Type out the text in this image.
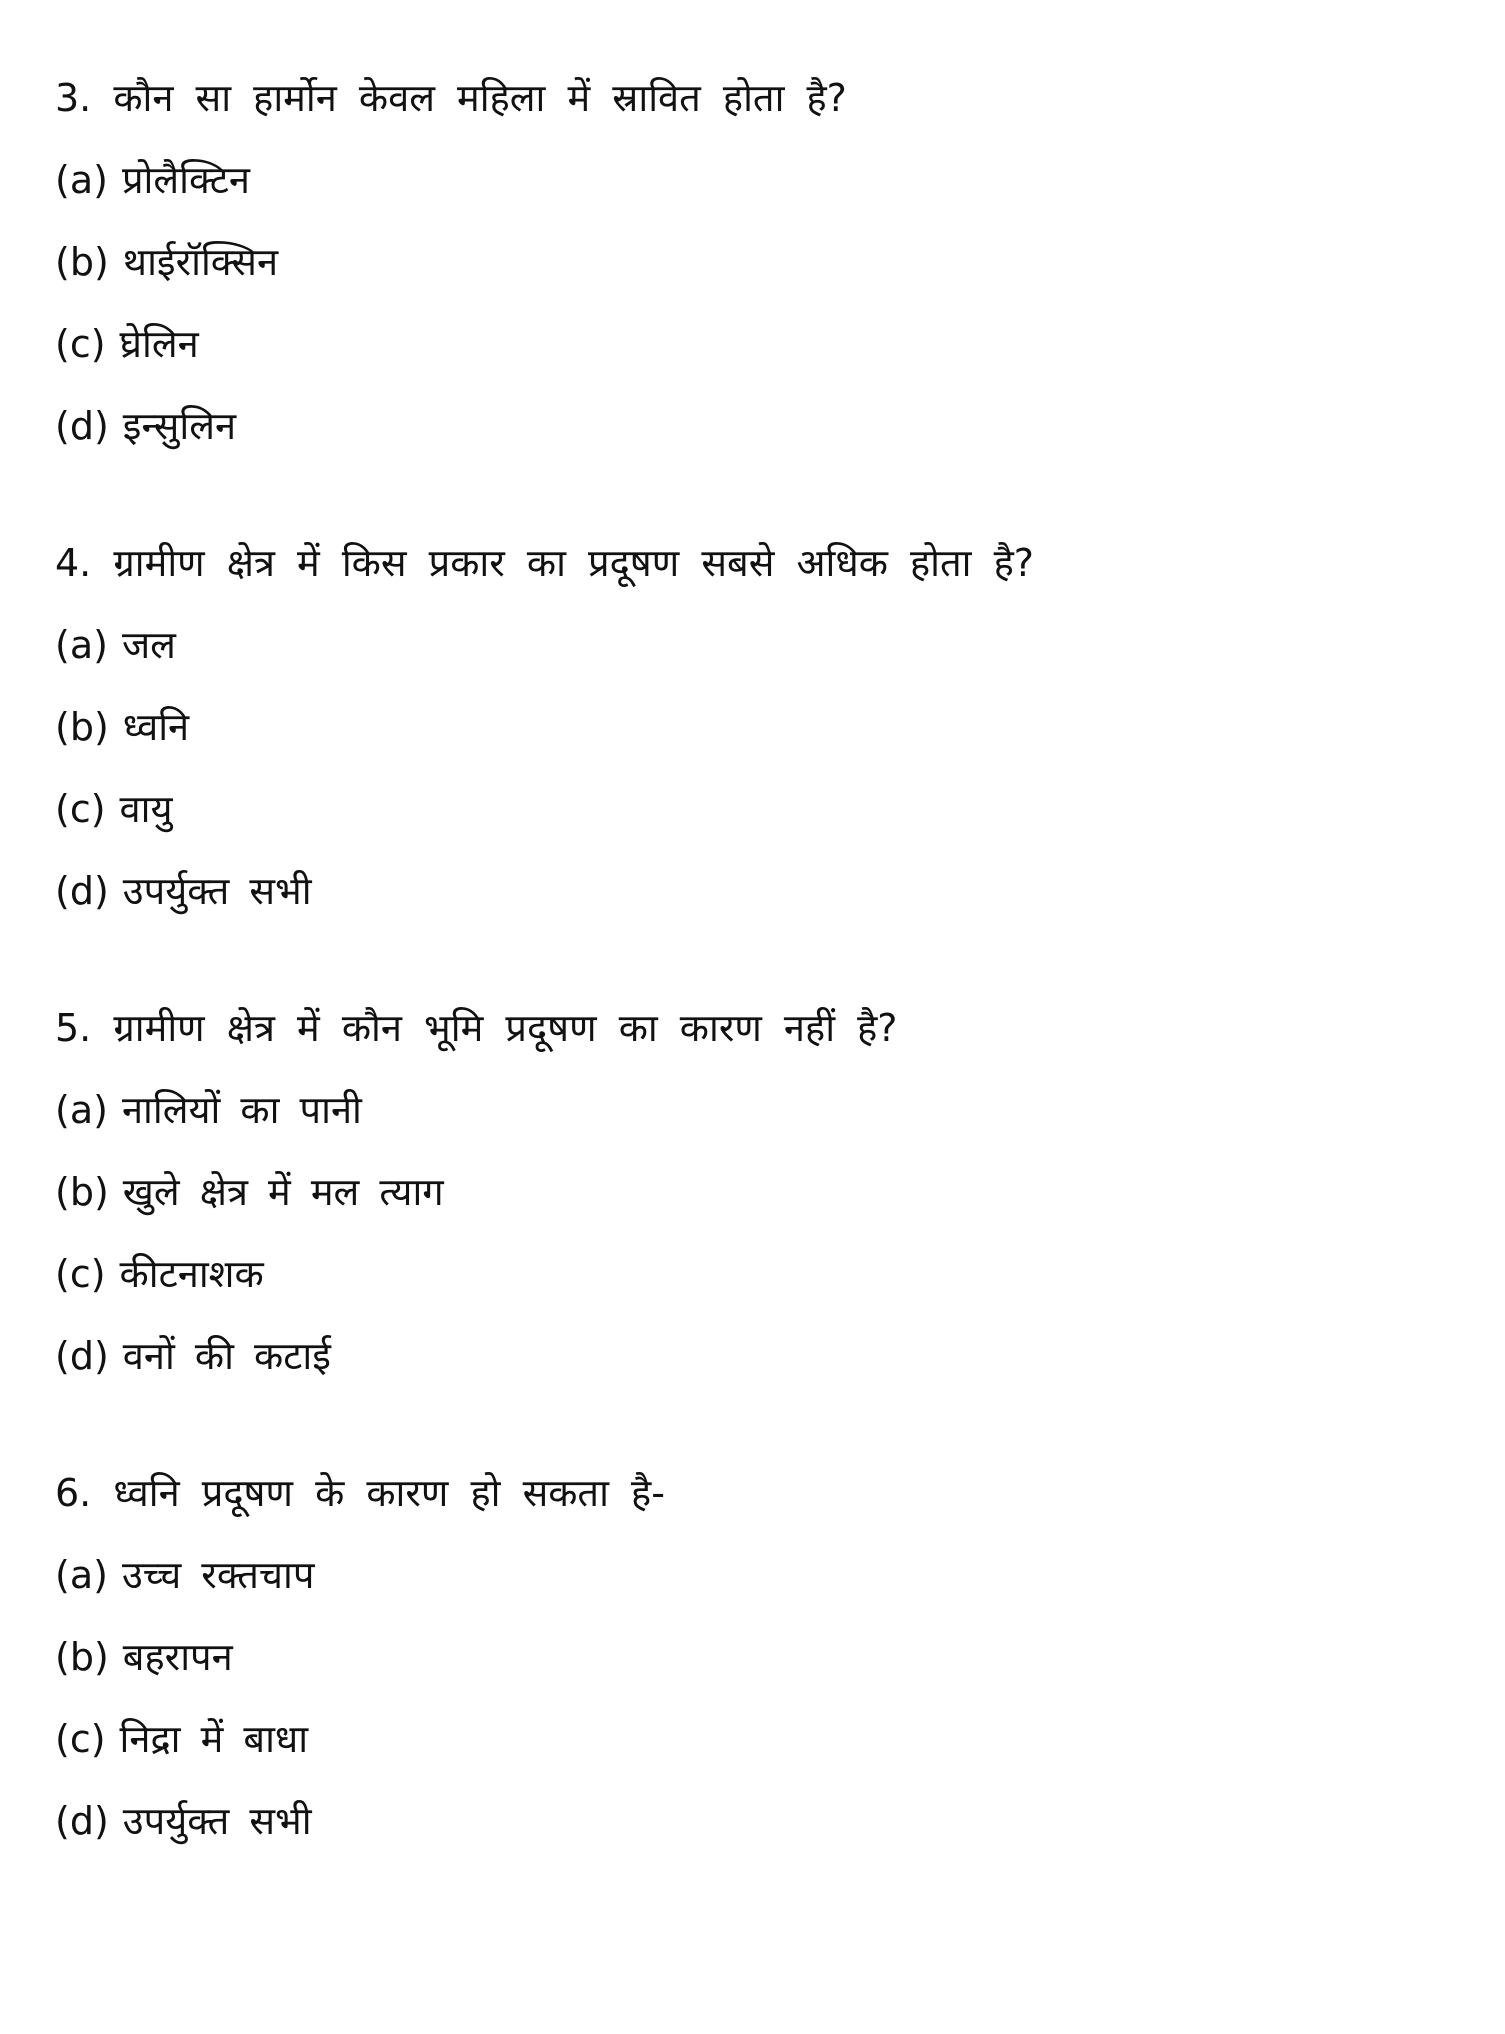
3. कौन सा हार्मोन केवल महिला में स्रावित होता है?
(a) प्रोलैक्टिन
(b) थाईरॉक्सिन
(c) घ्रेलिन
(d) इन्सुलिन
4. ग्रामीण क्षेत्र में किस प्रकार का प्रदूषण सबसे अधिक होता है?
(a) जल
(b) ध्वनि
(c) वायु
(d) उपर्युक्त सभी
5. ग्रामीण क्षेत्र में कौन भूमि प्रदूषण का कारण नहीं है?
(a) नालियों का पानी
(b) खुले क्षेत्र में मल त्याग
(c) कीटनाशक
(d) वनों की कटाई
6. ध्वनि प्रदूषण के कारण हो सकता है-
(a) उच्च रक्तचाप
(b) बहरापन
(c) निद्रा में बाधा
(d) उपर्युक्त सभी
